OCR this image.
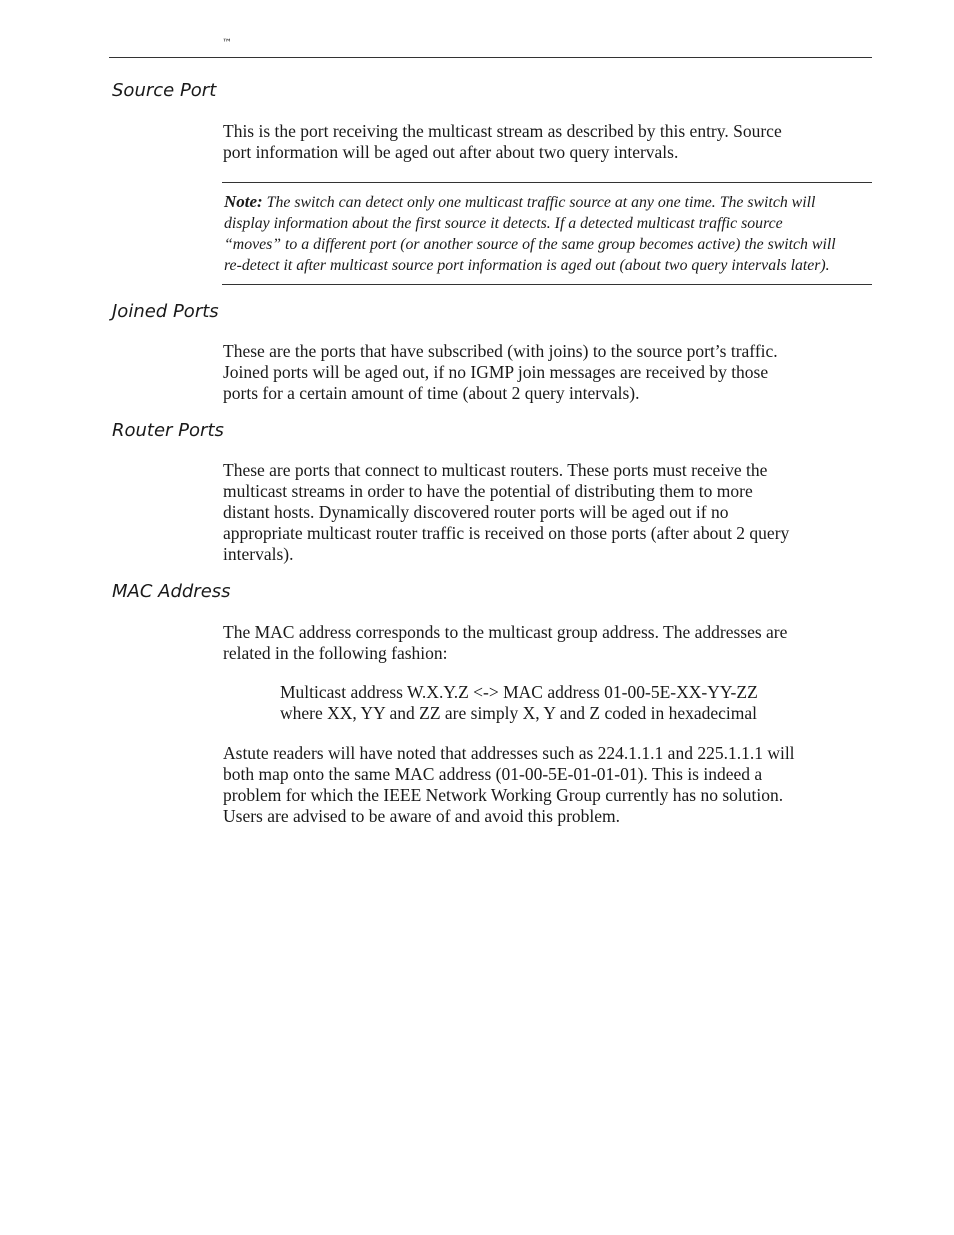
™
Source Port

This is the port receiving the multicast stream as described by this entry. Source
port information will be aged out after about two query intervals.

Note: The switch can detect only one multicast traffic source at any one time. The switch will
display information about the first source it detects. If a detected multicast traffic source
“moves” to a different port (or another source of the same group becomes active) the switch will
re-detect it after multicast source port information is aged out (about two query intervals later).

Joined Ports

These are the ports that have subscribed (with joins) to the source port’s traffic.
Joined ports will be aged out, if no IGMP join messages are received by those
ports for a certain amount of time (about 2 query intervals).

Router Ports

These are ports that connect to multicast routers. These ports must receive the
multicast streams in order to have the potential of distributing them to more
distant hosts. Dynamically discovered router ports will be aged out if no
appropriate multicast router traffic is received on those ports (after about 2 query
intervals).

MAC Address

The MAC address corresponds to the multicast group address. The addresses are
related in the following fashion:

Multicast address W.X.Y.Z <-> MAC address 01-00-5E-XX-YY-ZZ
where XX, YY and ZZ are simply X, Y and Z coded in hexadecimal

Astute readers will have noted that addresses such as 224.1.1.1 and 225.1.1.1 will
both map onto the same MAC address (01-00-5E-01-01-01). This is indeed a
problem for which the IEEE Network Working Group currently has no solution.
Users are advised to be aware of and avoid this problem.
